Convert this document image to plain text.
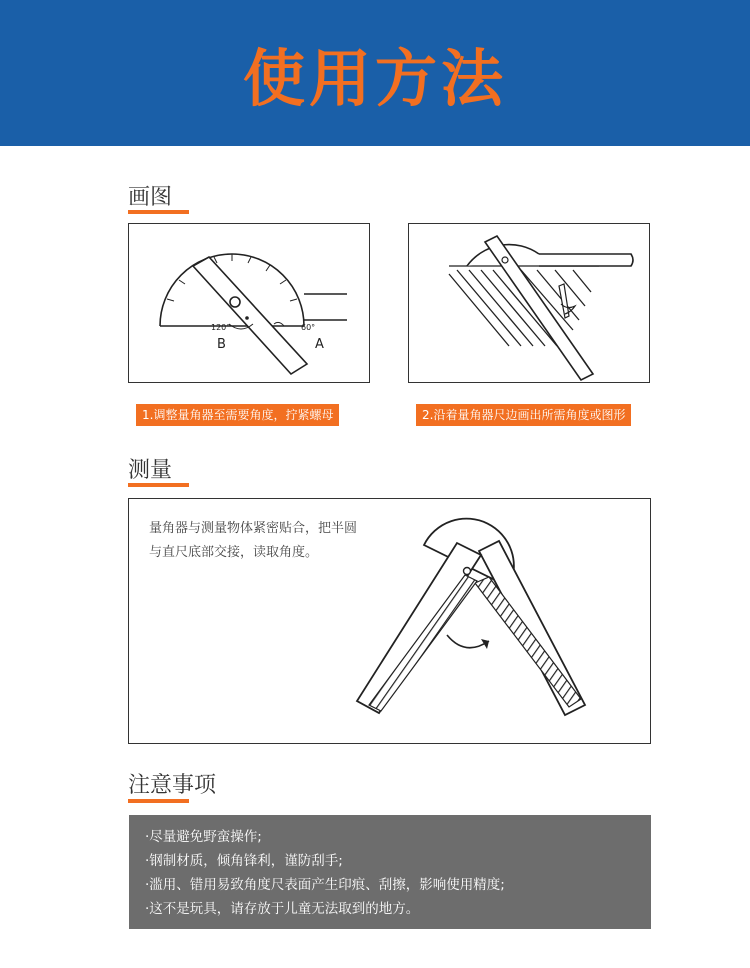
使用方法
画图
120°	60°
B	A
1.调整量角器至需要角度，拧紧螺母	2.沿着量角器尺边画出所需角度或图形
测量
量角器与测量物体紧密贴合，把半圆
与直尺底部交接，读取角度。
注意事项
·尽量避免野蛮操作;
·钢制材质，倾角锋利，谨防刮手;
·滥用、错用易致角度尺表面产生印痕、刮擦，影响使用精度;
·这不是玩具，请存放于儿童无法取到的地方。
